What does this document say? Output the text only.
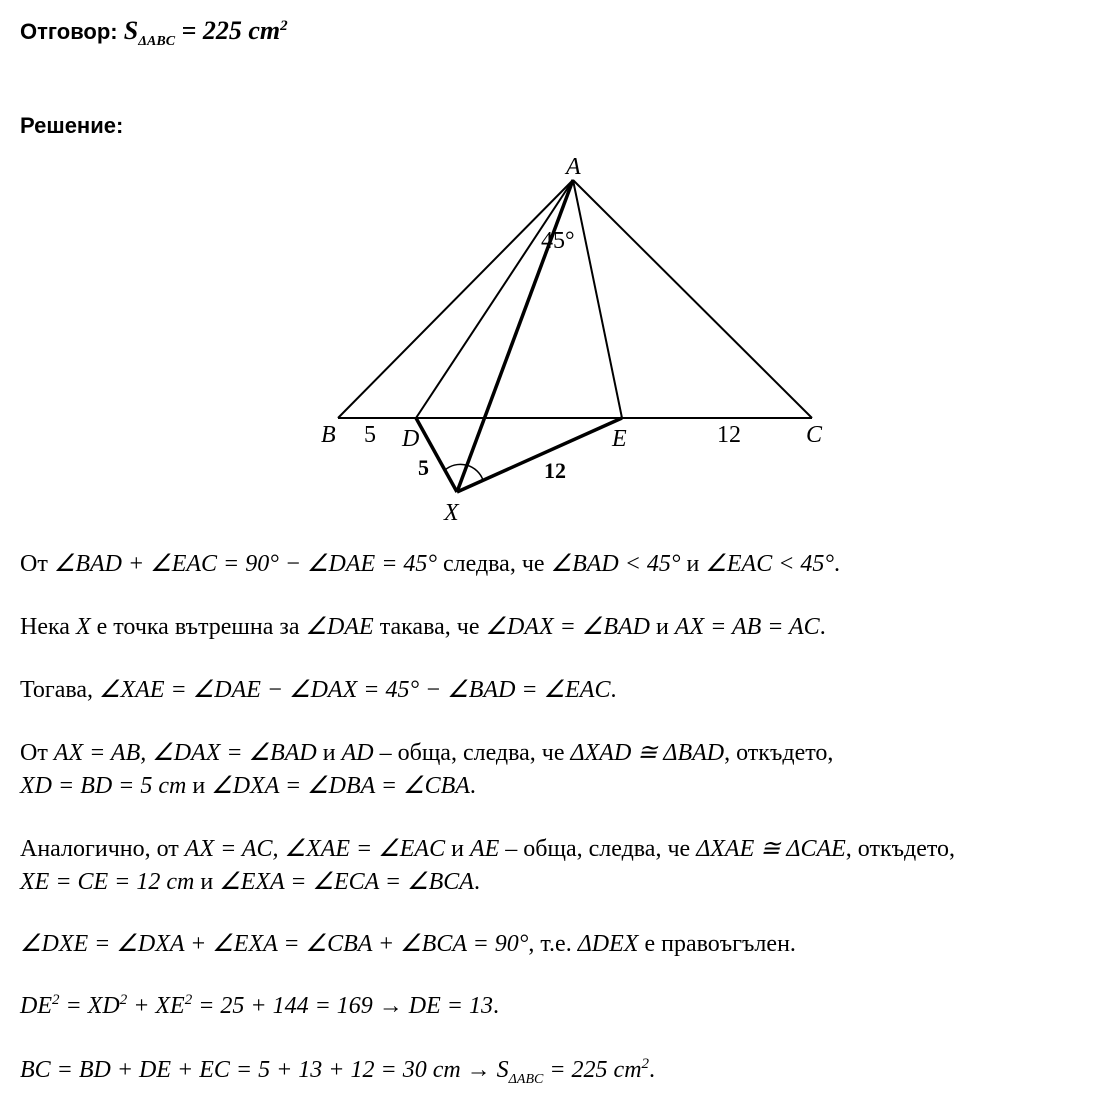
Отговор: $S_{\Delta ABC} = 225$ $cm^2$
Решение:
A
B	C
D	E
X
45°
5	12
5	12
От ∠BAD + ∠EAC = 90° − ∠DAE = 45° следва, че ∠BAD < 45° и ∠EAC < 45°.
Нека X е точка вътрешна за ∠DAE такава, че ∠DAX = ∠BAD и AX = AB = AC.
Тогава, ∠XAE = ∠DAE − ∠DAX = 45° − ∠BAD = ∠EAC.
От AX = AB, ∠DAX = ∠BAD и AD – обща, следва, че ΔXAD ≅ ΔBAD, откъдето,
XD = BD = 5 cm и ∠DXA = ∠DBA = ∠CBA.
Аналогично, от AX = AC, ∠XAE = ∠EAC и AE – обща, следва, че ΔXAE ≅ ΔCAE, откъдето,
XE = CE = 12 cm и ∠EXA = ∠ECA = ∠BCA.
∠DXE = ∠DXA + ∠EXA = ∠CBA + ∠BCA = 90°, т.е. ΔDEX е правоъгълен.
$DE^2 = XD^2 + XE^2 = 25 + 144 = 169$ → DE = 13.
BC = BD + DE + EC = 5 + 13 + 12 = 30 cm → $S_{\Delta ABC} = 225$ $cm^2$.
